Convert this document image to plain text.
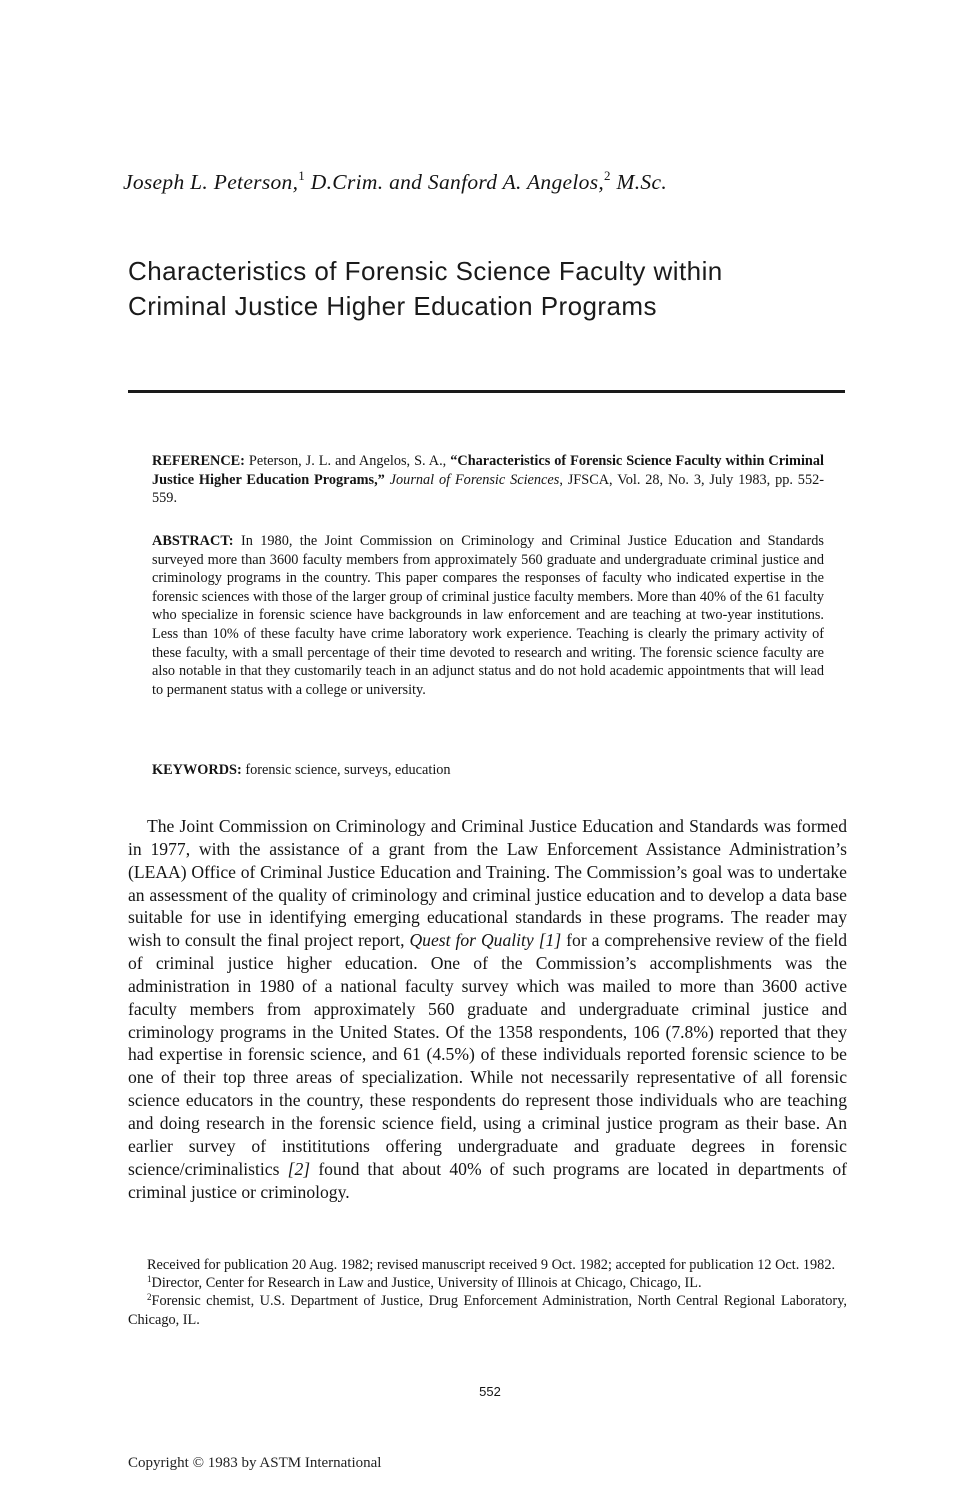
Joseph L. Peterson,$^1$ D.Crim. and Sanford A. Angelos,$^2$ M.Sc.
Characteristics of Forensic Science Faculty within
Criminal Justice Higher Education Programs
REFERENCE: Peterson, J. L. and Angelos, S. A., “Characteristics of Forensic Science Faculty within Criminal Justice Higher Education Programs,” Journal of Forensic Sciences, JFSCA, Vol. 28, No. 3, July 1983, pp. 552-559.
ABSTRACT: In 1980, the Joint Commission on Criminology and Criminal Justice Education and Standards surveyed more than 3600 faculty members from approximately 560 graduate and undergraduate criminal justice and criminology programs in the country. This paper compares the responses of faculty who indicated expertise in the forensic sciences with those of the larger group of criminal justice faculty members. More than 40% of the 61 faculty who specialize in forensic science have backgrounds in law enforcement and are teaching at two-year institutions. Less than 10% of these faculty have crime laboratory work experience. Teaching is clearly the primary activity of these faculty, with a small percentage of their time devoted to research and writing. The forensic science faculty are also notable in that they customarily teach in an adjunct status and do not hold academic appointments that will lead to permanent status with a college or university.
KEYWORDS: forensic science, surveys, education

The Joint Commission on Criminology and Criminal Justice Education and Standards was formed in 1977, with the assistance of a grant from the Law Enforcement Assistance Administration’s (LEAA) Office of Criminal Justice Education and Training. The Commission’s goal was to undertake an assessment of the quality of criminology and criminal justice education and to develop a data base suitable for use in identifying emerging educational standards in these programs. The reader may wish to consult the final project report, Quest for Quality [1] for a comprehensive review of the field of criminal justice higher education. One of the Commission’s accomplishments was the administration in 1980 of a national faculty survey which was mailed to more than 3600 active faculty members from approximately 560 graduate and undergraduate criminal justice and criminology programs in the United States. Of the 1358 respondents, 106 (7.8%) reported that they had expertise in forensic science, and 61 (4.5%) of these individuals reported forensic science to be one of their top three areas of specialization. While not necessarily representative of all forensic science educators in the country, these respondents do represent those individuals who are teaching and doing research in the forensic science field, using a criminal justice program as their base. An earlier survey of instititutions offering undergraduate and graduate degrees in forensic science/criminalistics [2] found that about 40% of such programs are located in departments of criminal justice or criminology.

Received for publication 20 Aug. 1982; revised manuscript received 9 Oct. 1982; accepted for publication 12 Oct. 1982.

$^1$Director, Center for Research in Law and Justice, University of Illinois at Chicago, Chicago, IL.

$^2$Forensic chemist, U.S. Department of Justice, Drug Enforcement Administration, North Central Regional Laboratory, Chicago, IL.

552
Copyright © 1983 by ASTM International
